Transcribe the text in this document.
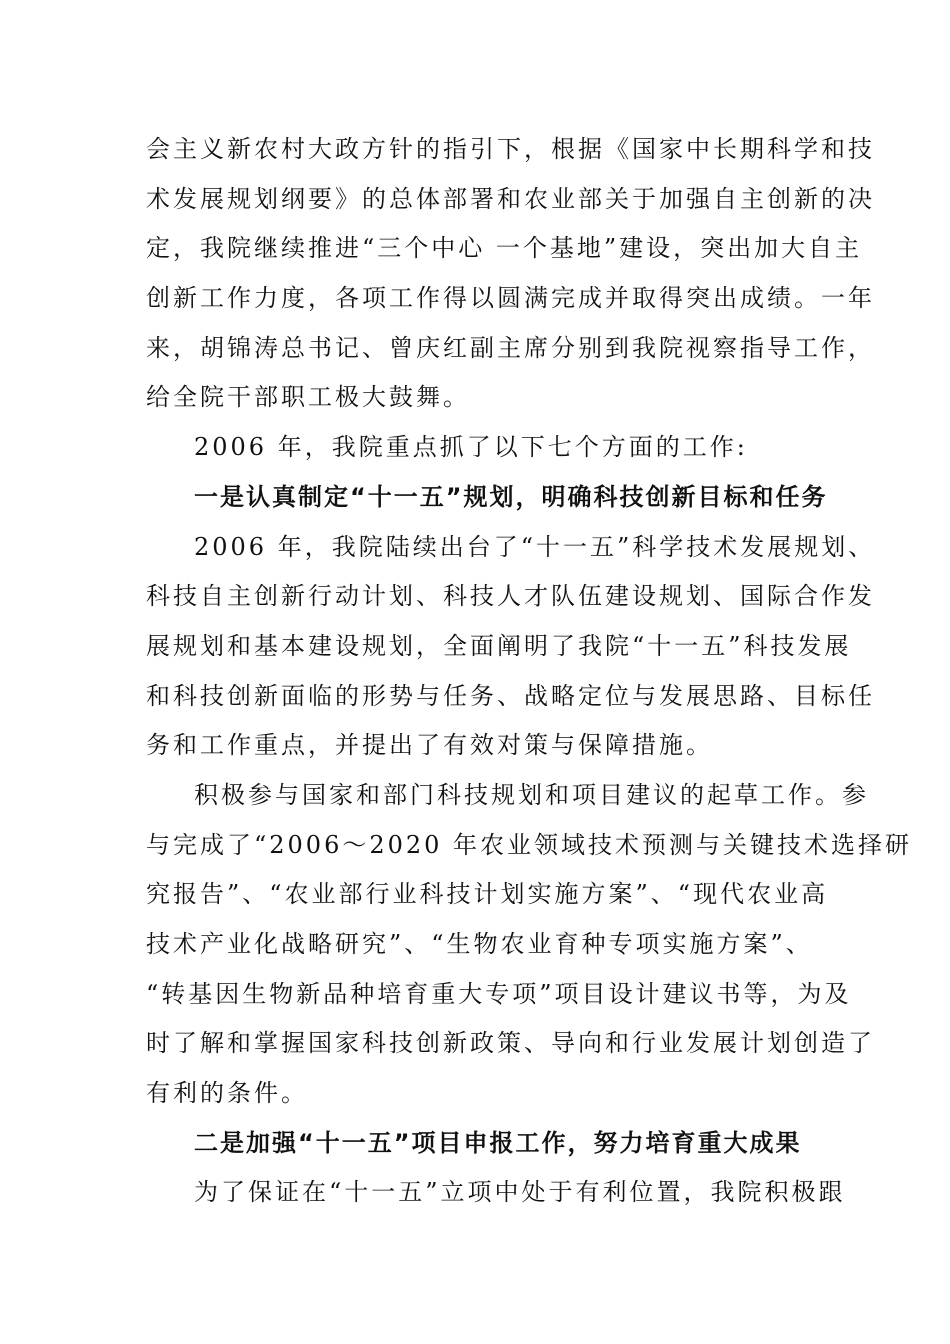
会主义新农村大政方针的指引下，根据《国家中长期科学和技
术发展规划纲要》的总体部署和农业部关于加强自主创新的决
定，我院继续推进“三个中心 一个基地”建设，突出加大自主
创新工作力度，各项工作得以圆满完成并取得突出成绩。一年
来，胡锦涛总书记、曾庆红副主席分别到我院视察指导工作，
给全院干部职工极大鼓舞。
2006 年，我院重点抓了以下七个方面的工作:
一是认真制定“十一五”规划，明确科技创新目标和任务
2006 年，我院陆续出台了“十一五”科学技术发展规划、
科技自主创新行动计划、科技人才队伍建设规划、国际合作发
展规划和基本建设规划，全面阐明了我院“十一五”科技发展
和科技创新面临的形势与任务、战略定位与发展思路、目标任
务和工作重点，并提出了有效对策与保障措施。
积极参与国家和部门科技规划和项目建议的起草工作。参
与完成了“2006～2020 年农业领域技术预测与关键技术选择研
究报告”、“农业部行业科技计划实施方案”、“现代农业高
技术产业化战略研究”、“生物农业育种专项实施方案”、
“转基因生物新品种培育重大专项”项目设计建议书等，为及
时了解和掌握国家科技创新政策、导向和行业发展计划创造了
有利的条件。
二是加强“十一五”项目申报工作，努力培育重大成果
为了保证在“十一五”立项中处于有利位置，我院积极跟
